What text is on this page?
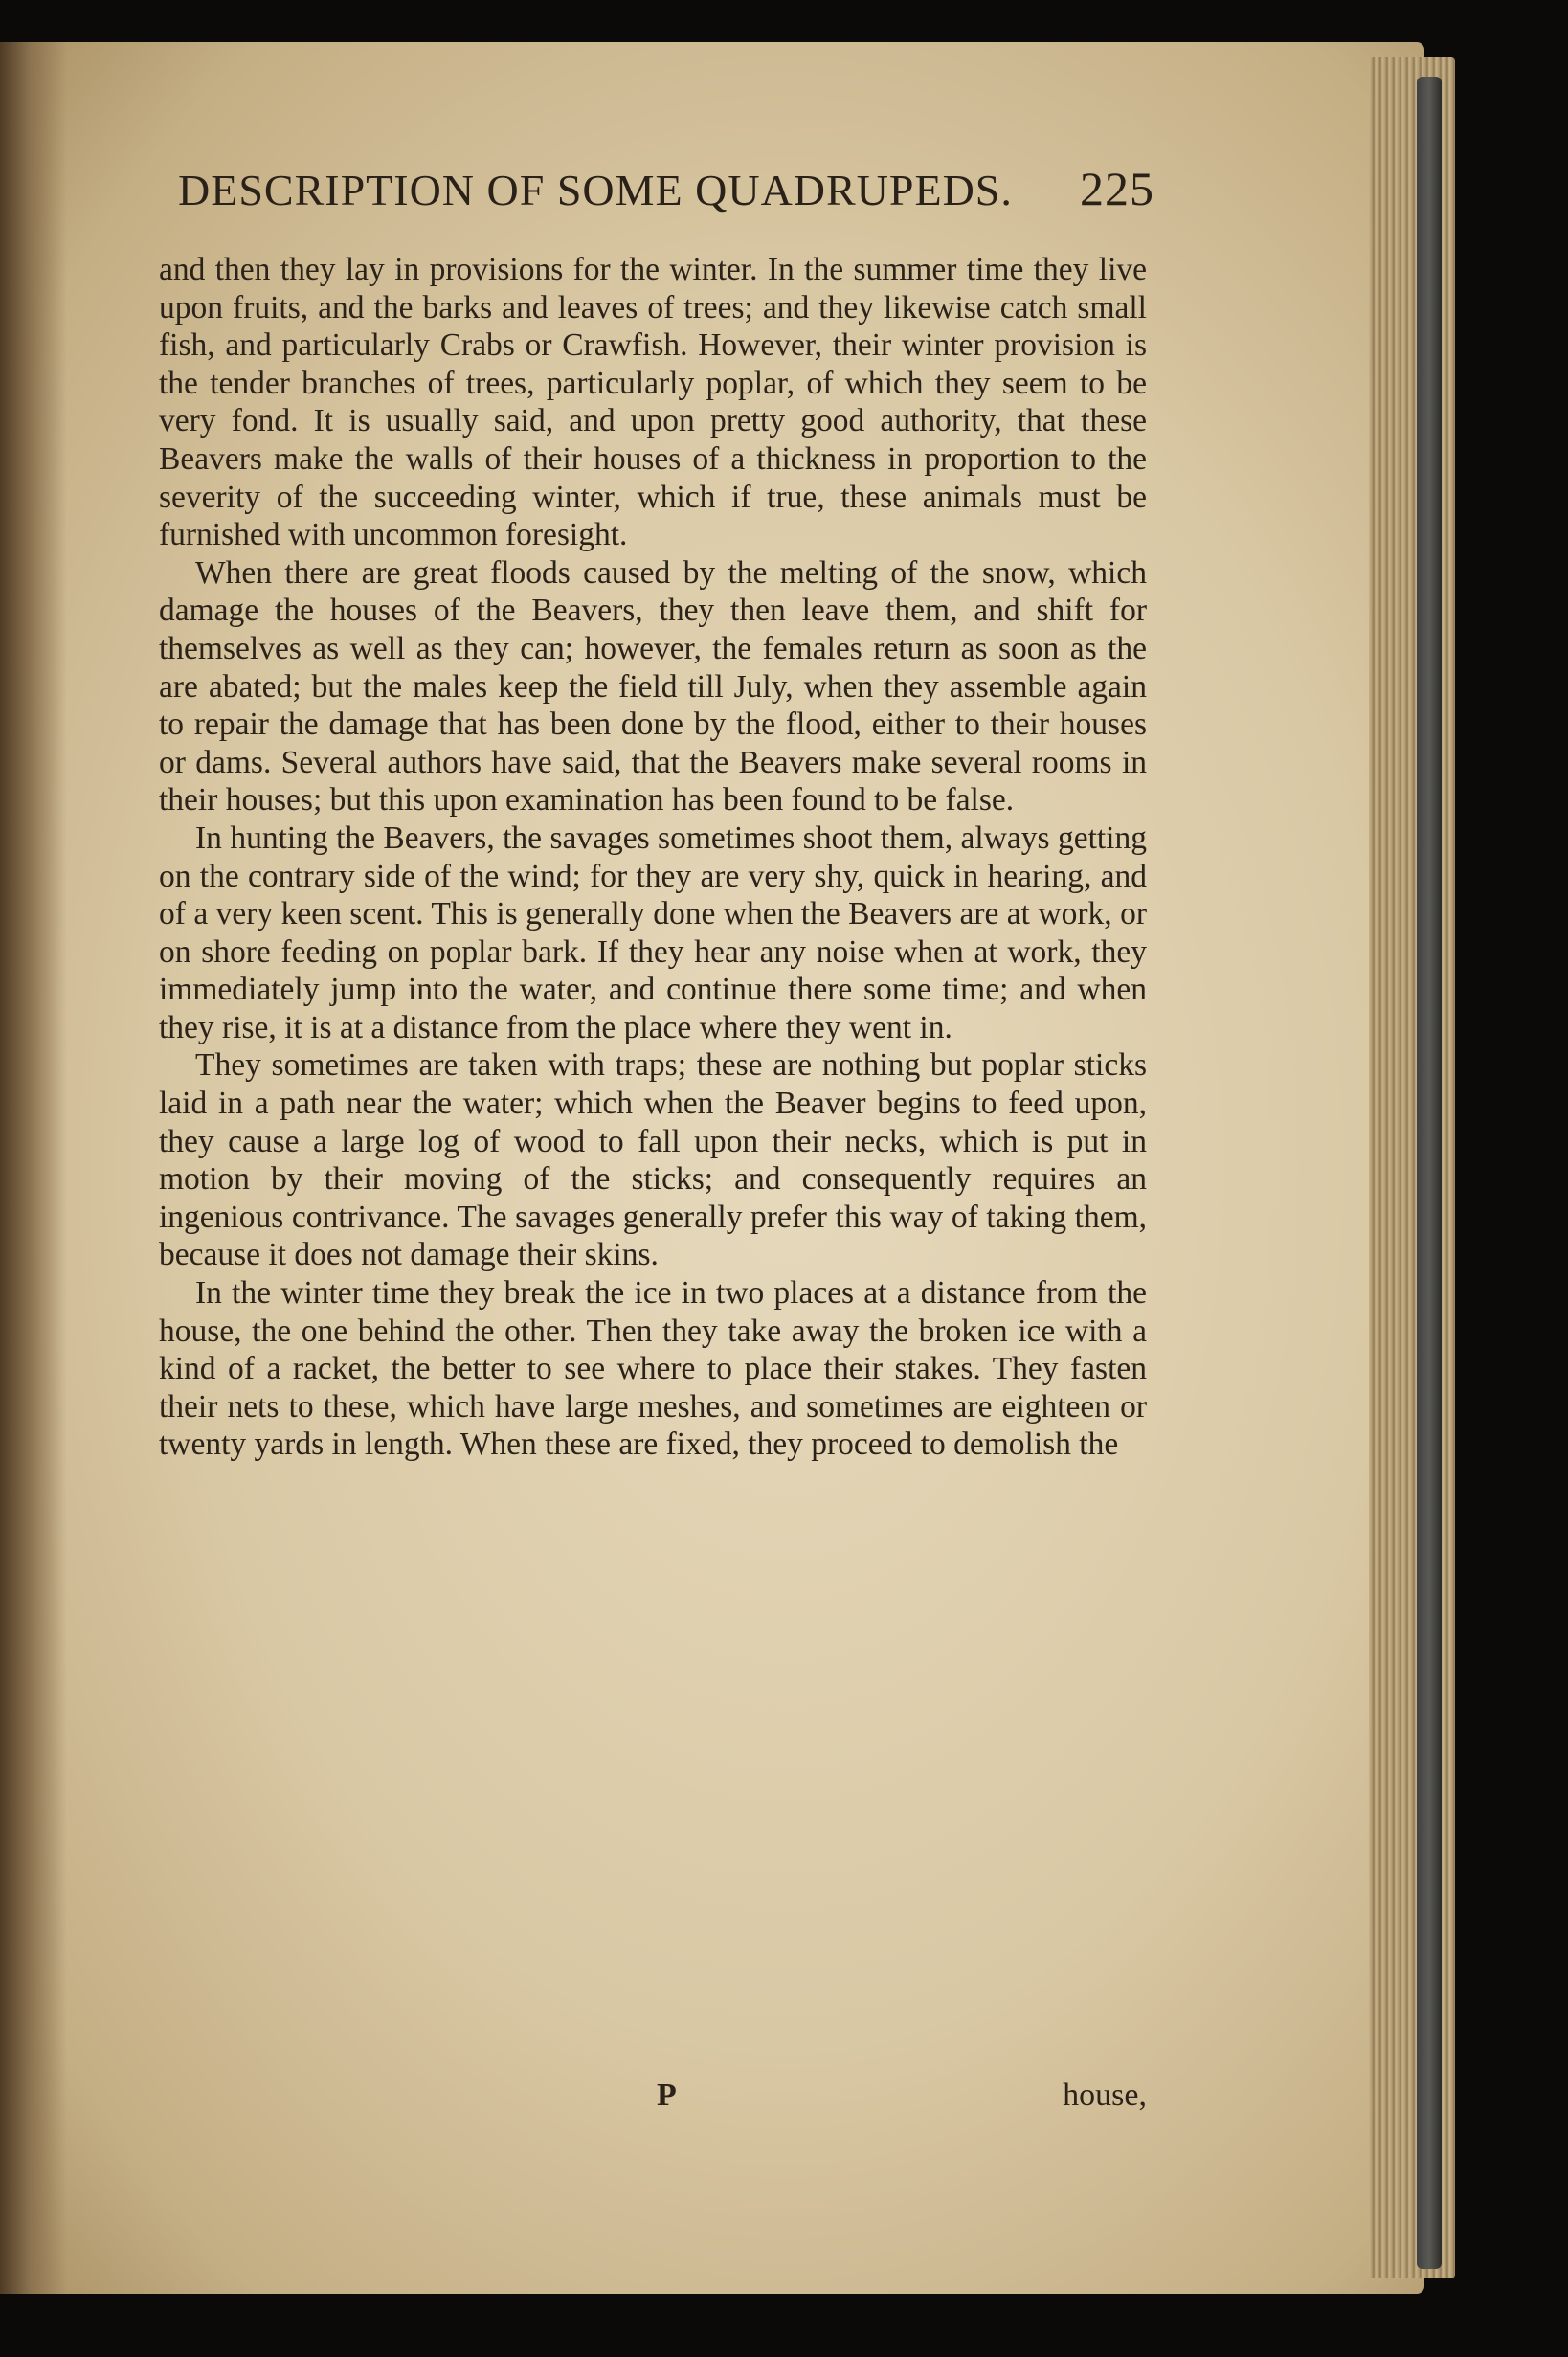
DESCRIPTION OF SOME QUADRUPEDS. 225

and then they lay in provisions for the winter. In the summer time they live upon fruits, and the barks and leaves of trees; and they likewise catch small fish, and particularly Crabs or Crawfish. However, their winter provision is the tender branches of trees, particularly poplar, of which they seem to be very fond. It is usually said, and upon pretty good authority, that these Beavers make the walls of their houses of a thickness in proportion to the severity of the succeeding winter, which if true, these animals must be furnished with uncommon foresight.

When there are great floods caused by the melting of the snow, which damage the houses of the Beavers, they then leave them, and shift for themselves as well as they can; however, the females return as soon as the are abated; but the males keep the field till July, when they assemble again to repair the damage that has been done by the flood, either to their houses or dams. Several authors have said, that the Beavers make several rooms in their houses; but this upon examination has been found to be false.

In hunting the Beavers, the savages sometimes shoot them, always getting on the contrary side of the wind; for they are very shy, quick in hearing, and of a very keen scent. This is generally done when the Beavers are at work, or on shore feeding on poplar bark. If they hear any noise when at work, they immediately jump into the water, and continue there some time; and when they rise, it is at a distance from the place where they went in.

They sometimes are taken with traps; these are nothing but poplar sticks laid in a path near the water; which when the Beaver begins to feed upon, they cause a large log of wood to fall upon their necks, which is put in motion by their moving of the sticks; and consequently requires an ingenious contrivance. The savages generally prefer this way of taking them, because it does not damage their skins.

In the winter time they break the ice in two places at a distance from the house, the one behind the other. Then they take away the broken ice with a kind of a racket, the better to see where to place their stakes. They fasten their nets to these, which have large meshes, and sometimes are eighteen or twenty yards in length. When these are fixed, they proceed to demolish the

P	house,
